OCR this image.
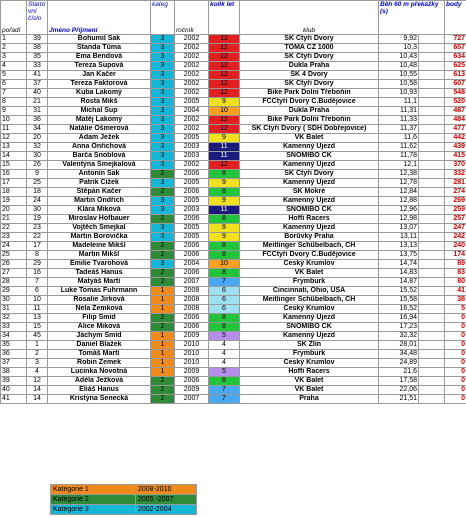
pořadí	Starto vní číslo	Jméno Příjmení	kateg	ročník	kolik let	klub	Běh 60 m překážky (s)		body
1	39	Bohumil Šak	3	2002	12	SK Čtyři Dvory	9,92		727
2	38	Standa Tůma	3	2002	12	TOMA CZ 1000	10,3		657
3	35	Ema Bendová	3	2002	12	SK Čtyři Dvory	10,43		634
4	33	Tereza Šupová	3	2002	12	Dukla Praha	10,48		625
5	41	Jan Kačer	3	2002	12	SK 4 Dvory	10,55		613
6	37	Tereza Faktorová	3	2002	12	SK Čtyři Dvory	10,58		607
7	40	Kuba Lakomý	3	2002	12	Bike Park Dolní Třeboňin	10,93		548
8	21	Rosta Mikš	3	2005	9	FCČtyři Dvory Č.Budějovice	11,1		520
9	31	Michal Šup	3	2004	10	Dukla Praha	11,31		487
10	36	Matěj Lakomý	3	2002	12	Bike Park Dolní Třeboňin	11,33		484
11	34	Natálie Ošmerová	3	2002	12	SK Čtyři Dvory ( SDH Dobřejovice)	11,37		477
12	20	Adam Ježek	3	2005	9	VK Balet	11,6		442
13	32	Anna Onřichová	3	2003	11	Kamenný Újezd	11,62		439
14	30	Barča Šnoblová	3	2003	11	ŠNOMÍBO ČK	11,78		415
15	26	Valentýna Šmejkalová	3	2002	12	Kamenný Újezd	12,1		370
16	9	Antonín Šak	2	2006	8	SK Čtyři Dvory	12,38		332
17	25	Patrik Čížek	3	2005	9	Kamenný Újezd	12,78		281
18	18	Štěpán Kačer	2	2006	8	SK Mokré	12,84		274
19	24	Martin Ondřich	3	2005	9	Kamenný Újezd	12,88		269
20	30	Klára Miková	3	2003	11	ŠNOMÍBO ČK	12,96		259
21	19	Miroslav Hofbauer	2	2006	8	Hoffi Racers	12,98		257
22	23	Vojtěch Šmejkal	3	2005	9	Kamenný Újezd	13,07		247
23	22	Martin Borovička	3	2005	9	Borůvky Praha	13,11		242
24	17	Madeleine Mikšl	2	2006	8	Meitlinger Schübelbach, CH	13,13		240
25	8	Martin Mikšl	2	2006	8	FCČtyři Dvory Č.Budějovice	13,75		174
26	29	Emilie Tvarohová	3	2004	10	Český Krumlov	14,74		89
27	16	Tadeáš Hanus	2	2006	8	VK Balet	14,83		83
28	7	Matyáš Martí	2	2007	7	Frymburk	14,87		80
29	6	Luke Tomas Fuhrmann	1	2008	6	Cincinnati, Ohio, USA	15,52		41
30	10	Rosalie Jirková	1	2008	6	Meitlinger Schübelbach, CH	15,58		38
31	11	Nela Zemková	1	2008	6	Český Krumlov	16,52		5
32	13	Filip Šmíd	2	2006	8	Kamenný Újezd	16,94		0
33	15	Alice Miková	2	2006	8	ŠNOMÍBO ČK	17,23		0
34	45	Jáchym Šmíd	1	2009	5	Kamenný Újezd	32,32		0
35	1	Daniel Blažek	1	2010	4	SK Zlín	28,01		0
36	2	Tomáš Martí	1	2010	4	Frymburk	34,48		0
37	3	Robin Zemek	1	2010	4	Český Krumlov	24,89		0
38	4	Lucinka Novotná	1	2009	5	Hoffi Racers	21,6		0
39	12	Adéla Ježková	2	2006	8	VK Balet	17,58		0
40	14	Eliáš Hanus	2	2009	7	VK Balet	22,06		0
41	14	Kristýna Senecká	2	2007	7	Praha	21,51		0
	Kategorie 1	2008-2010
	Kategorie 2	2005 -2007
	Kategorie 3	2002-2004
